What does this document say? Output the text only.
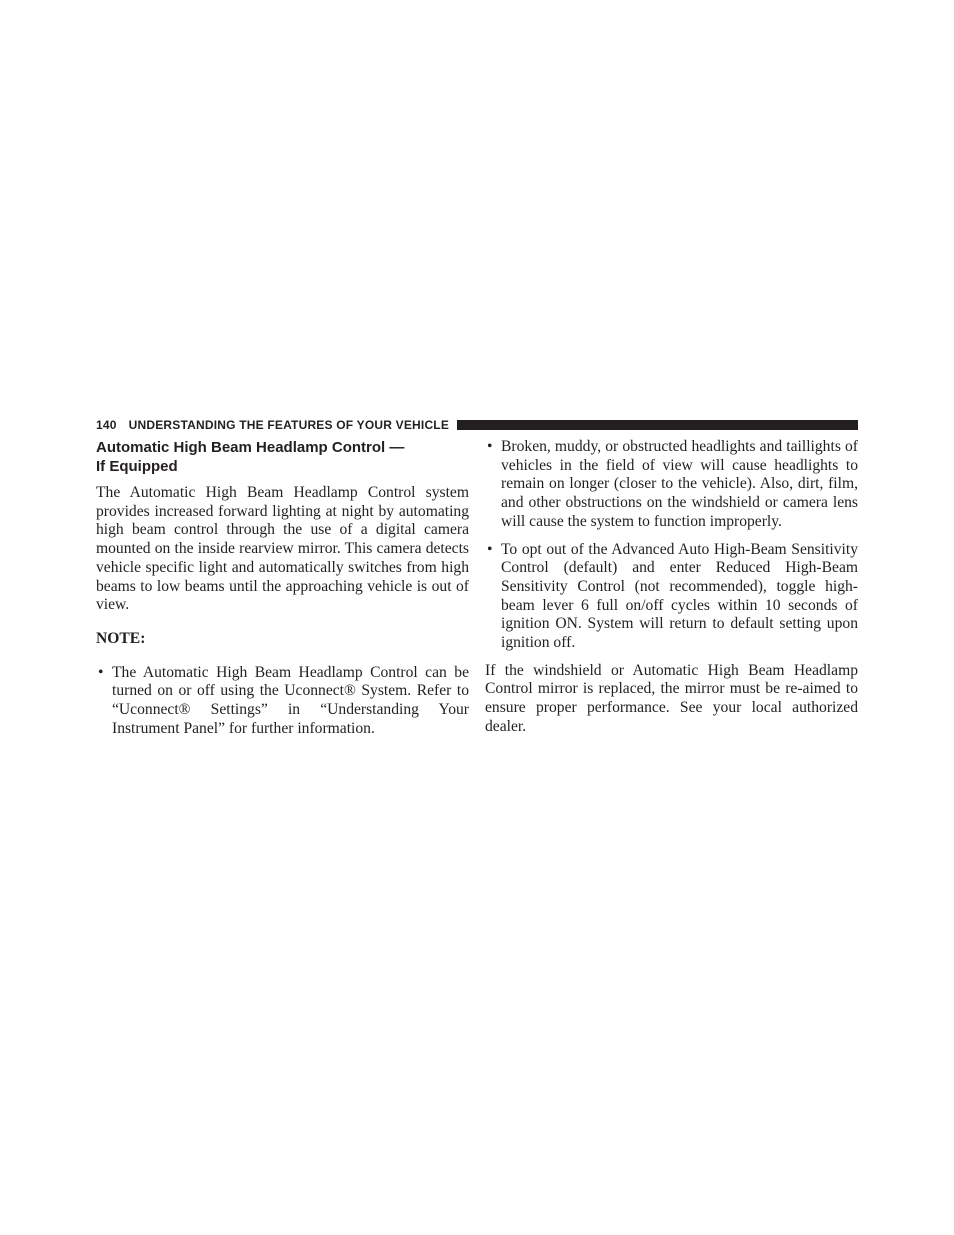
140 UNDERSTANDING THE FEATURES OF YOUR VEHICLE
Automatic High Beam Headlamp Control —
If Equipped

The Automatic High Beam Headlamp Control system provides increased forward lighting at night by automating high beam control through the use of a digital camera mounted on the inside rearview mirror. This camera detects vehicle specific light and automatically switches from high beams to low beams until the approaching vehicle is out of view.

NOTE:

• The Automatic High Beam Headlamp Control can be turned on or off using the Uconnect® System. Refer to “Uconnect® Settings” in “Understanding Your Instrument Panel” for further information.
• Broken, muddy, or obstructed headlights and taillights of vehicles in the field of view will cause headlights to remain on longer (closer to the vehicle). Also, dirt, film, and other obstructions on the windshield or camera lens will cause the system to function improperly.
• To opt out of the Advanced Auto High-Beam Sensitivity Control (default) and enter Reduced High-Beam Sensitivity Control (not recommended), toggle high-beam lever 6 full on/off cycles within 10 seconds of ignition ON. System will return to default setting upon ignition off.

If the windshield or Automatic High Beam Headlamp Control mirror is replaced, the mirror must be re-aimed to ensure proper performance. See your local authorized dealer.
